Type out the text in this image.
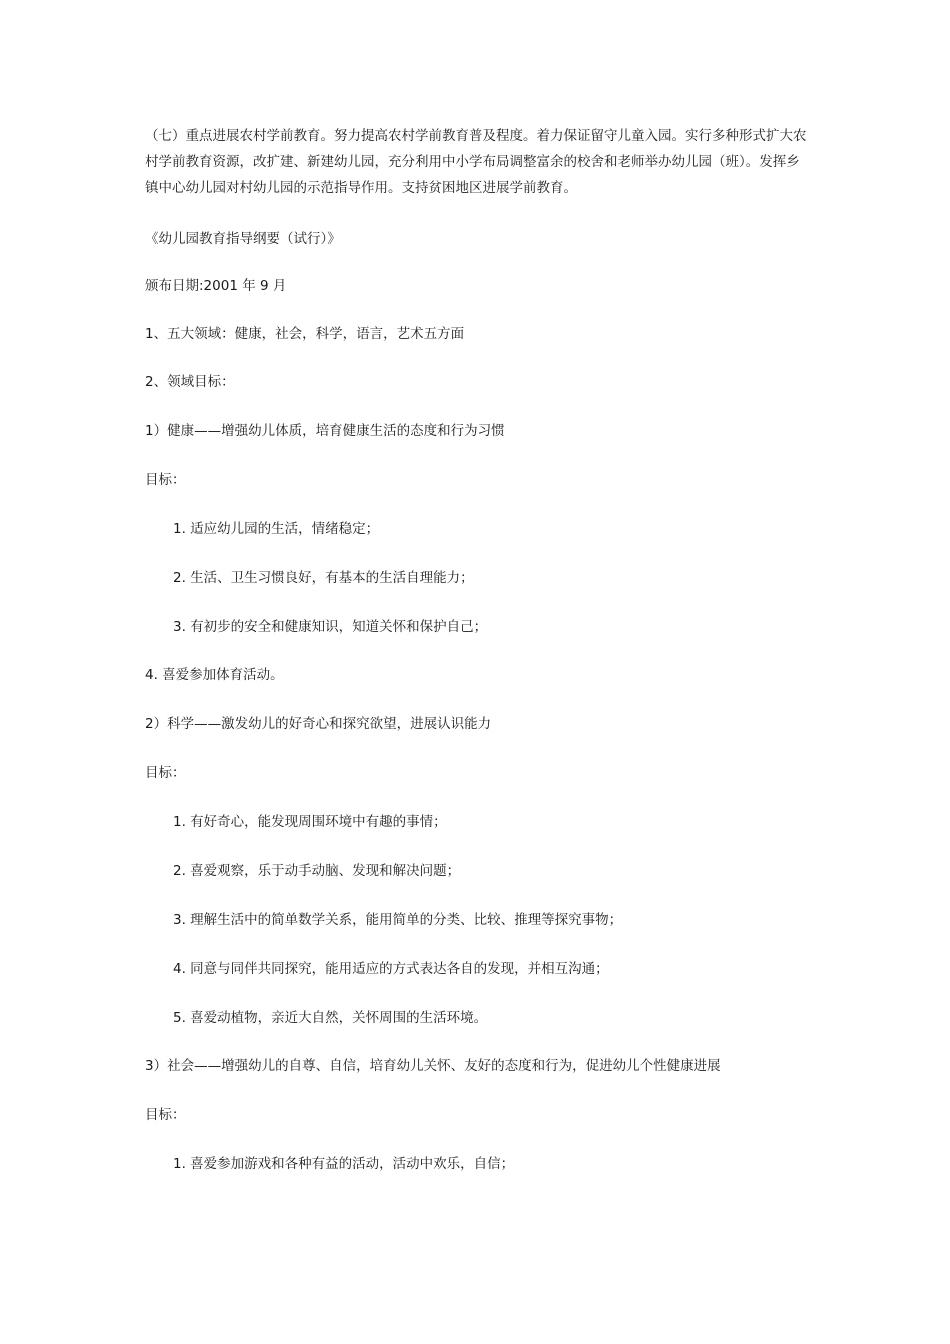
（七）重点进展农村学前教育。努力提高农村学前教育普及程度。着力保证留守儿童入园。实行多种形式扩大农村学前教育资源，改扩建、新建幼儿园，充分利用中小学布局调整富余的校舍和老师举办幼儿园（班）。发挥乡镇中心幼儿园对村幼儿园的示范指导作用。支持贫困地区进展学前教育。

《幼儿园教育指导纲要（试行）》

颁布日期:2001 年 9 月

1、五大领域：健康，社会，科学，语言，艺术五方面

2、领域目标：

1）健康——增强幼儿体质，培育健康生活的态度和行为习惯

目标：

1. 适应幼儿园的生活，情绪稳定；

2. 生活、卫生习惯良好，有基本的生活自理能力；

3. 有初步的安全和健康知识，知道关怀和保护自己；

4. 喜爱参加体育活动。

2）科学——激发幼儿的好奇心和探究欲望，进展认识能力

目标：

1. 有好奇心，能发现周围环境中有趣的事情；

2. 喜爱观察，乐于动手动脑、发现和解决问题；

3. 理解生活中的简单数学关系，能用简单的分类、比较、推理等探究事物；

4. 同意与同伴共同探究，能用适应的方式表达各自的发现，并相互沟通；

5. 喜爱动植物，亲近大自然，关怀周围的生活环境。

3）社会——增强幼儿的自尊、自信，培育幼儿关怀、友好的态度和行为，促进幼儿个性健康进展

目标：

1. 喜爱参加游戏和各种有益的活动，活动中欢乐，自信；
